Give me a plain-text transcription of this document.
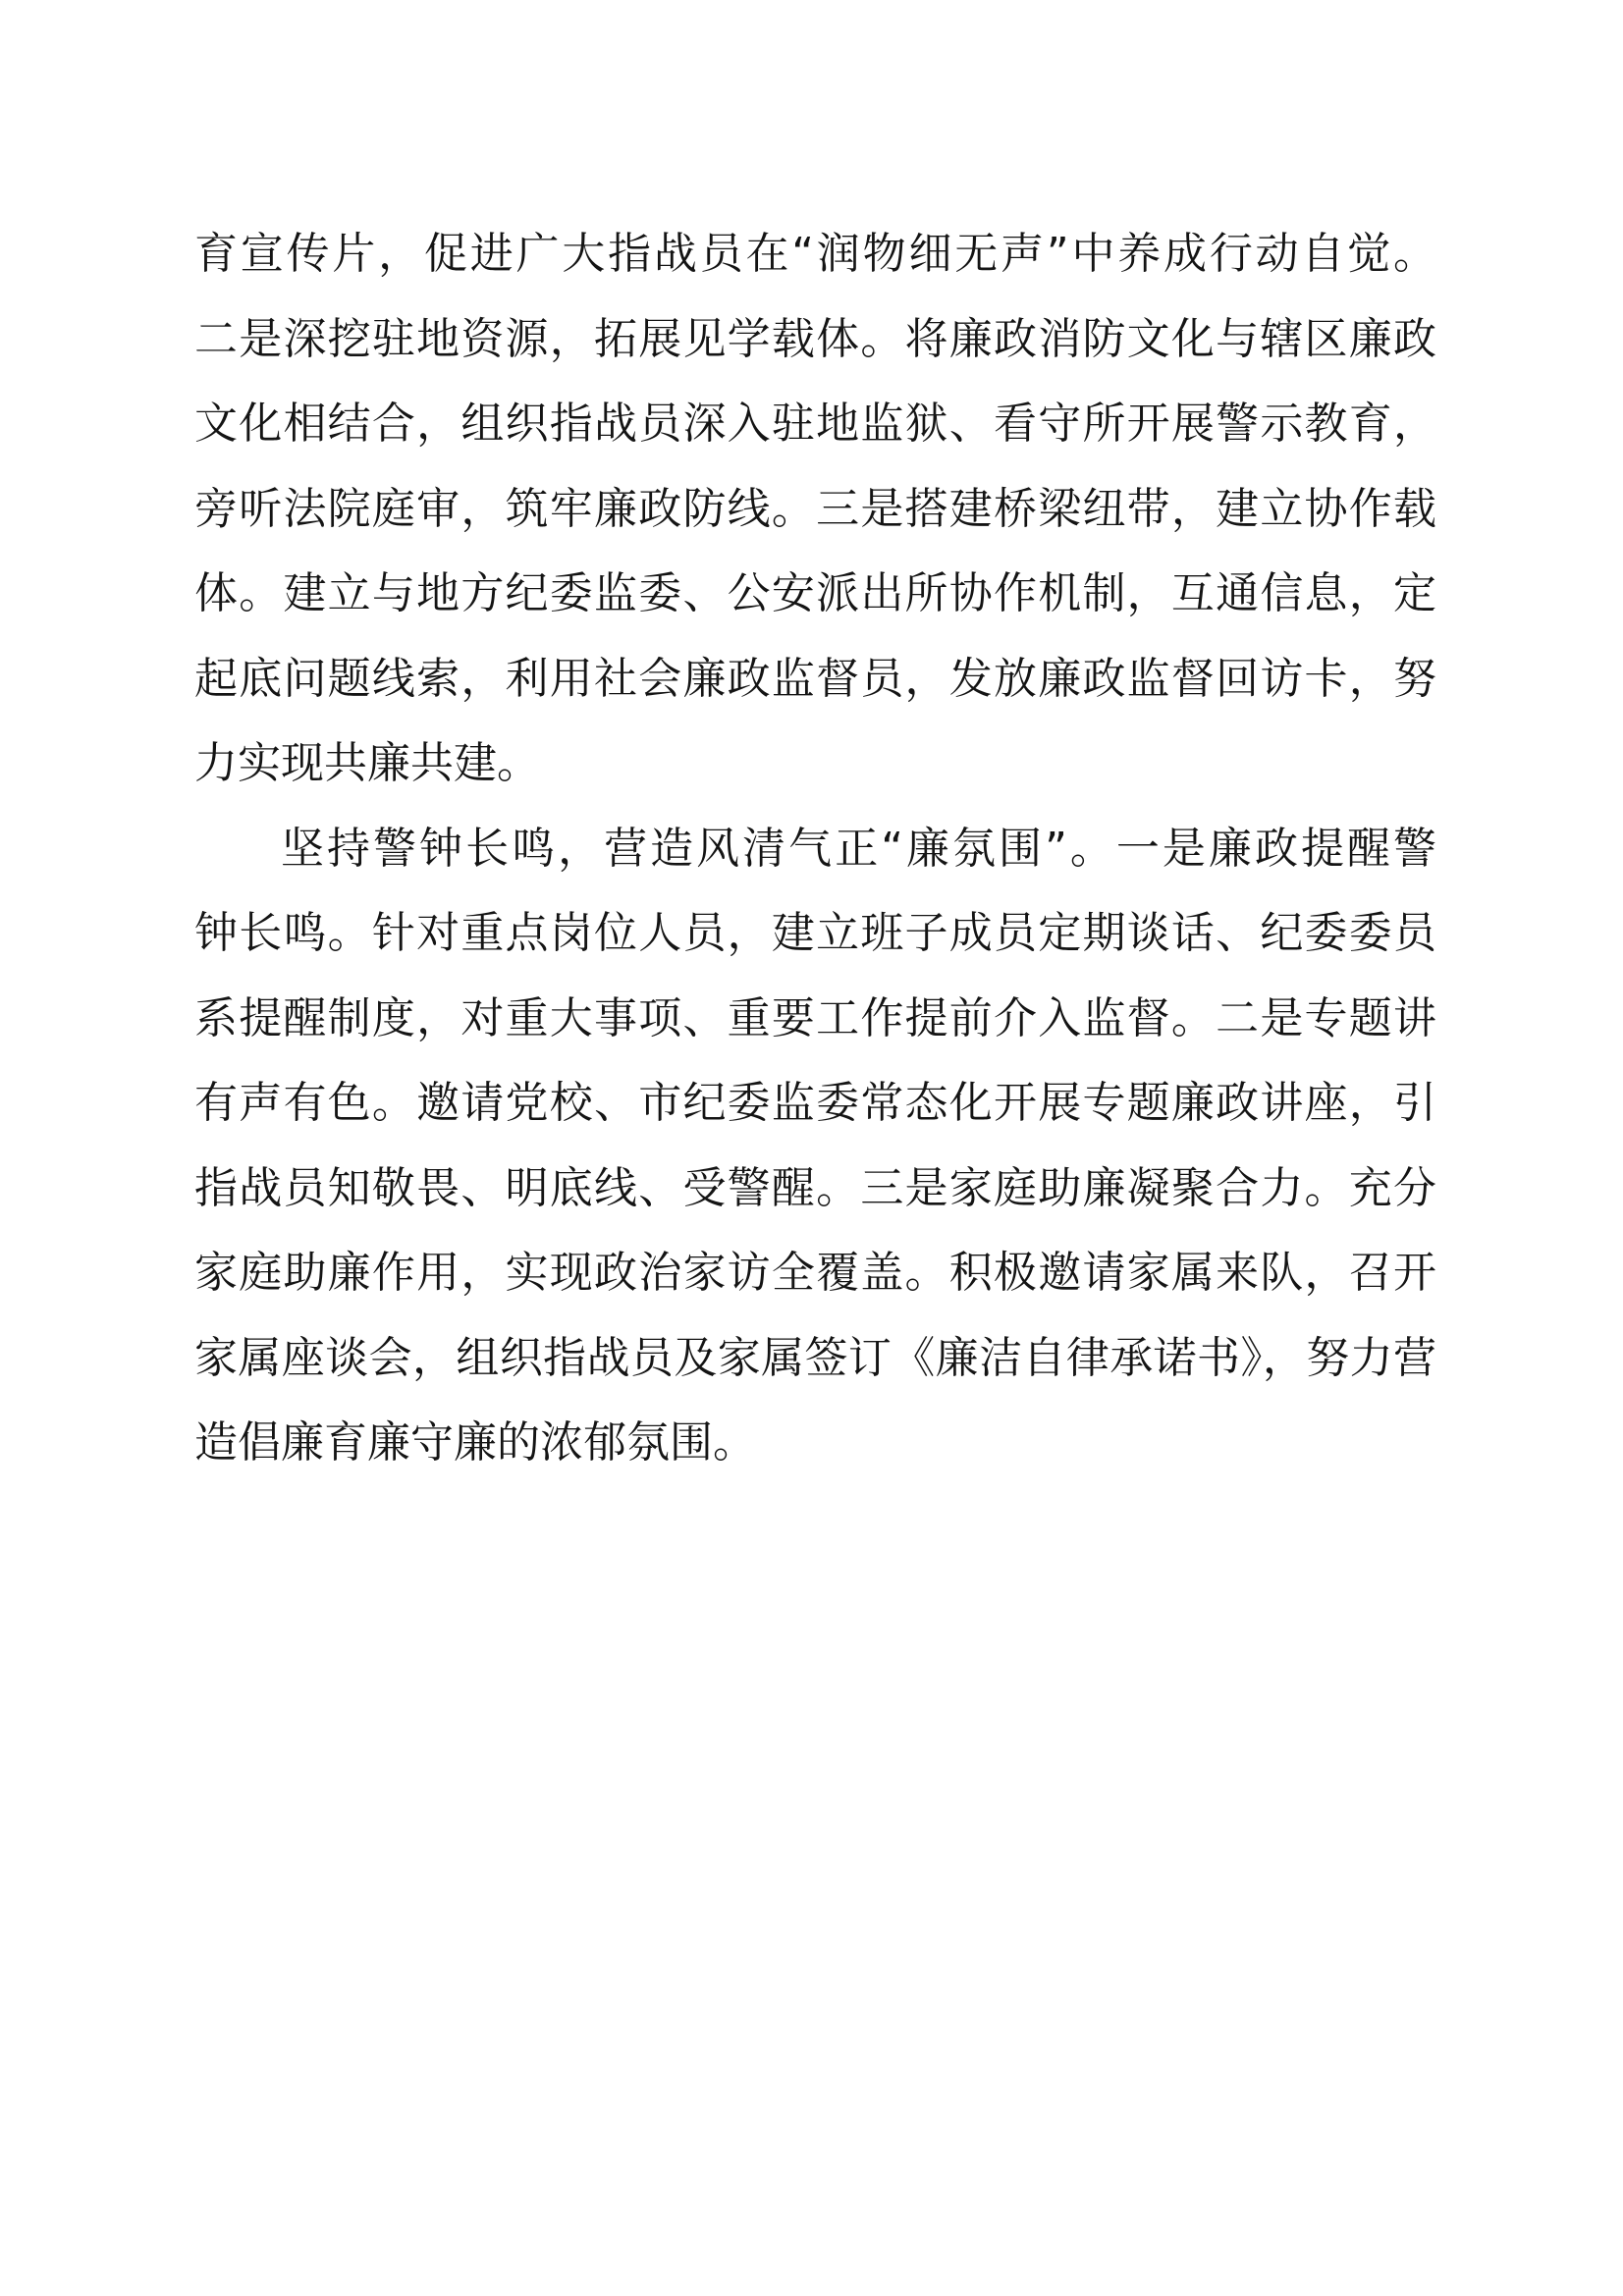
育宣传片，促进广大指战员在“润物细无声”中养成行动自觉。
二是深挖驻地资源，拓展见学载体。将廉政消防文化与辖区廉政
文化相结合，组织指战员深入驻地监狱、看守所开展警示教育，
旁听法院庭审，筑牢廉政防线。三是搭建桥梁纽带，建立协作载
体。建立与地方纪委监委、公安派出所协作机制，互通信息，定
起底问题线索，利用社会廉政监督员，发放廉政监督回访卡，努
力实现共廉共建。
坚持警钟长鸣，营造风清气正“廉氛围”。一是廉政提醒警
钟长鸣。针对重点岗位人员，建立班子成员定期谈话、纪委委员
系提醒制度，对重大事项、重要工作提前介入监督。二是专题讲
有声有色。邀请党校、市纪委监委常态化开展专题廉政讲座，引
指战员知敬畏、明底线、受警醒。三是家庭助廉凝聚合力。充分
家庭助廉作用，实现政治家访全覆盖。积极邀请家属来队，召开
家属座谈会，组织指战员及家属签订《廉洁自律承诺书》，努力营
造倡廉育廉守廉的浓郁氛围。
